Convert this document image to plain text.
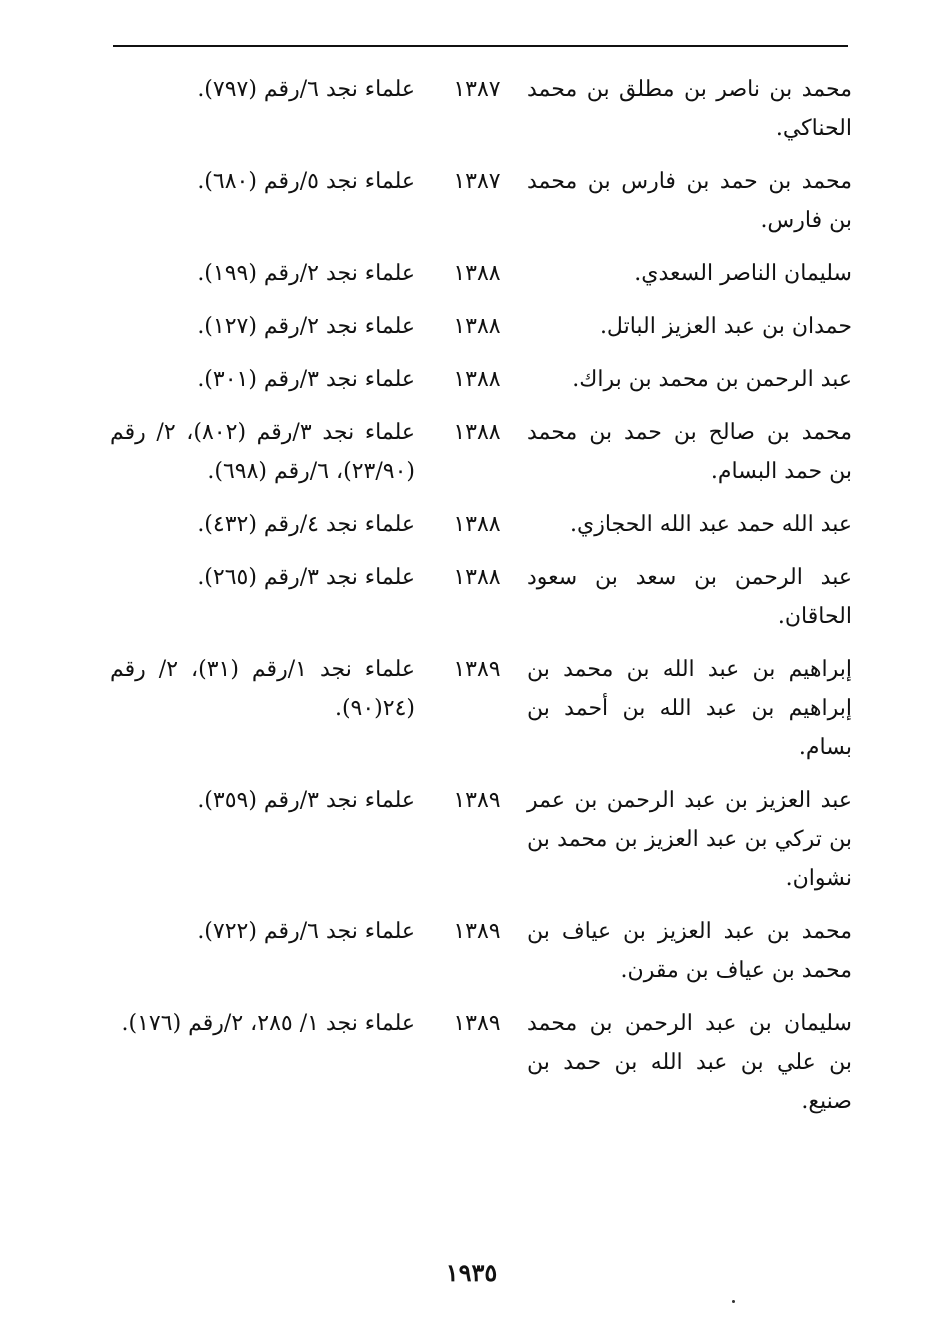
محمد بن ناصر بن مطلق بن محمد الحناكي.
١٣٨٧
علماء نجد ٦/رقم (٧٩٧).
محمد بن حمد بن فارس بن محمد بن فارس.
١٣٨٧
علماء نجد ٥/رقم (٦٨٠).
سليمان الناصر السعدي.
١٣٨٨
علماء نجد ٢/رقم (١٩٩).
حمدان بن عبد العزيز الباتل.
١٣٨٨
علماء نجد ٢/رقم (١٢٧).
عبد الرحمن بن محمد بن براك.
١٣٨٨
علماء نجد ٣/رقم (٣٠١).
محمد بن صالح بن حمد بن محمد بن حمد البسام.
١٣٨٨
علماء نجد ٣/رقم (٨٠٢)، ٢/ رقم (٢٣/٩٠)، ٦/رقم (٦٩٨).
عبد الله حمد عبد الله الحجازي.
١٣٨٨
علماء نجد ٤/رقم (٤٣٢).
عبد الرحمن بن سعد بن سعود الحاقان.
١٣٨٨
علماء نجد ٣/رقم (٢٦٥).
إبراهيم بن عبد الله بن محمد بن إبراهيم بن عبد الله بن أحمد بن بسام.
١٣٨٩
علماء نجد ١/رقم (٣١)، ٢/ رقم (٢٤(٩٠).
عبد العزيز بن عبد الرحمن بن عمر بن تركي بن عبد العزيز بن محمد بن نشوان.
١٣٨٩
علماء نجد ٣/رقم (٣٥٩).
محمد بن عبد العزيز بن عياف بن محمد بن عياف بن مقرن.
١٣٨٩
علماء نجد ٦/رقم (٧٢٢).
سليمان بن عبد الرحمن بن محمد بن علي بن عبد الله بن حمد بن صنيع.
١٣٨٩
علماء نجد ١/ ٢٨٥، ٢/رقم (١٧٦).
١٩٣٥
